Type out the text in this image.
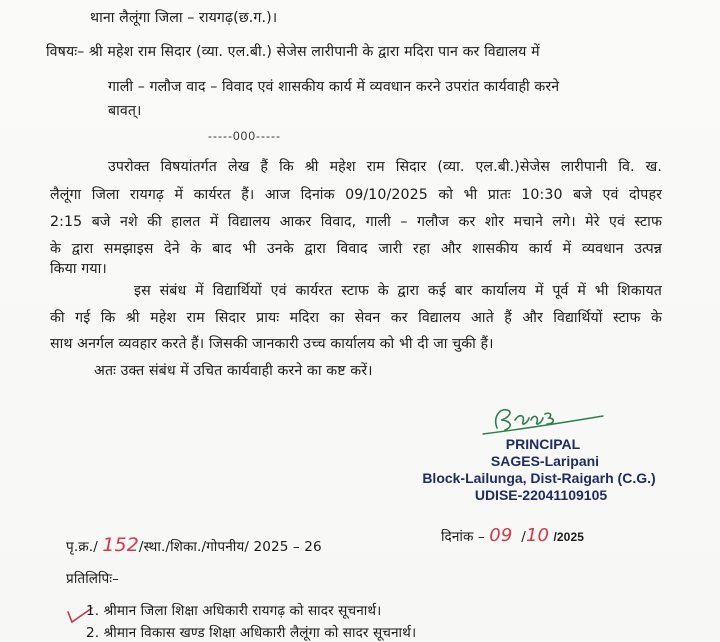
थाना लैलूंगा जिला – रायगढ़(छ.ग.)।
विषयः– श्री महेश राम सिदार (व्या. एल.बी.) सेजेस लारीपानी के द्वारा मदिरा पान कर विद्यालय में
गाली – गलौज वाद – विवाद एवं शासकीय कार्य में व्यवधान करने उपरांत कार्यवाही करने
बावत्।
-----000-----
उपरोक्त विषयांतर्गत लेख हैं कि श्री महेश राम सिदार (व्या. एल.बी.)सेजेस लारीपानी वि. ख.
लैलूंगा जिला रायगढ़ में कार्यरत हैं। आज दिनांक 09/10/2025 को भी प्रातः 10:30 बजे एवं दोपहर
2:15 बजे नशे की हालत में विद्यालय आकर विवाद, गाली – गलौज कर शोर मचाने लगे। मेरे एवं स्टाफ
के द्वारा समझाइस देने के बाद भी उनके द्वारा विवाद जारी रहा और शासकीय कार्य में व्यवधान उत्पन्न
किया गया।
इस संबंध में विद्यार्थियों एवं कार्यरत स्टाफ के द्वारा कई बार कार्यालय में पूर्व में भी शिकायत
की गई कि श्री महेश राम सिदार प्रायः मदिरा का सेवन कर विद्यालय आते हैं और विद्यार्थियों स्टाफ के
साथ अनर्गल व्यवहार करते हैं। जिसकी जानकारी उच्च कार्यालय को भी दी जा चुकी हैं।
अतः उक्त संबंध में उचित कार्यवाही करने का कष्ट करें।
PRINCIPAL
SAGES-Laripani
Block-Lailunga, Dist-Raigarh (C.G.)
UDISE-22041109105
पृ.क्र./ 152/स्था./शिका./गोपनीय/ 2025 – 26
दिनांक – 09  /10 /2025
प्रतिलिपिः–
1. श्रीमान जिला शिक्षा अधिकारी रायगढ़ को सादर सूचनार्थ।
2. श्रीमान विकास खण्ड शिक्षा अधिकारी लैलूंगा को सादर सूचनार्थ।
